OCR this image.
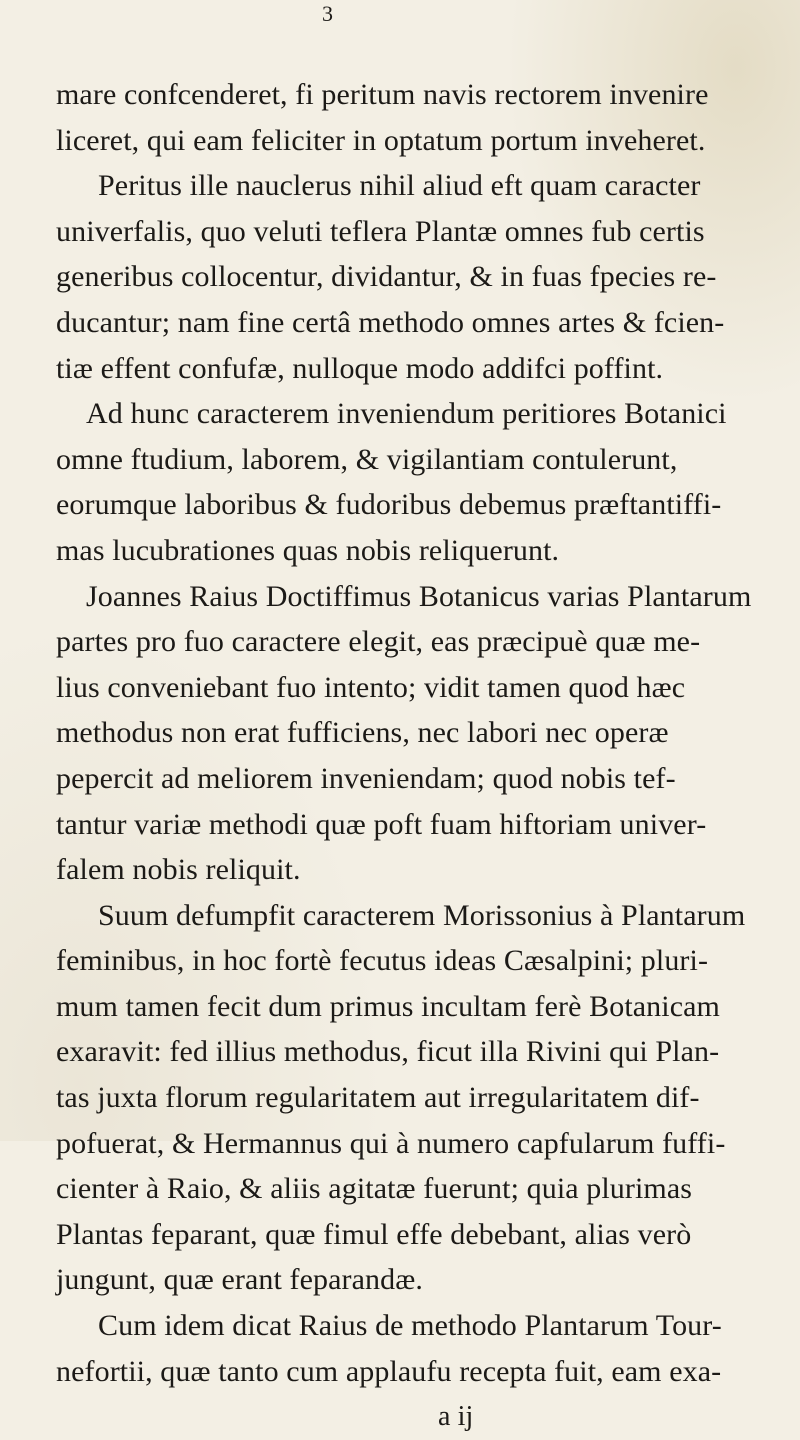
3
mare confcenderet, fi peritum navis rectorem invenire
liceret, qui eam feliciter in optatum portum inveheret.
Peritus ille nauclerus nihil aliud eft quam caracter
univerfalis, quo veluti teflera Plantæ omnes fub certis
generibus collocentur, dividantur, & in fuas fpecies re-
ducantur; nam fine certâ methodo omnes artes & fcien-
tiæ effent confufæ, nulloque modo addifci poffint.
Ad hunc caracterem inveniendum peritiores Botanici
omne ftudium, laborem, & vigilantiam contulerunt,
eorumque laboribus & fudoribus debemus præftantiffi-
mas lucubrationes quas nobis reliquerunt.
Joannes Raius Doctiffimus Botanicus varias Plantarum
partes pro fuo caractere elegit, eas præcipuè quæ me-
lius conveniebant fuo intento; vidit tamen quod hæc
methodus non erat fufficiens, nec labori nec operæ
pepercit ad meliorem inveniendam; quod nobis tef-
tantur variæ methodi quæ poft fuam hiftoriam univer-
falem nobis reliquit.
Suum defumpfit caracterem Morissonius à Plantarum
feminibus, in hoc fortè fecutus ideas Cæsalpini; pluri-
mum tamen fecit dum primus incultam ferè Botanicam
exaravit: fed illius methodus, ficut illa Rivini qui Plan-
tas juxta florum regularitatem aut irregularitatem dif-
pofuerat, & Hermannus qui à numero capfularum fuffi-
cienter à Raio, & aliis agitatæ fuerunt; quia plurimas
Plantas feparant, quæ fimul effe debebant, alias verò
jungunt, quæ erant feparandæ.
Cum idem dicat Raius de methodo Plantarum Tour-
nefortii, quæ tanto cum applaufu recepta fuit, eam exa-
a ij
